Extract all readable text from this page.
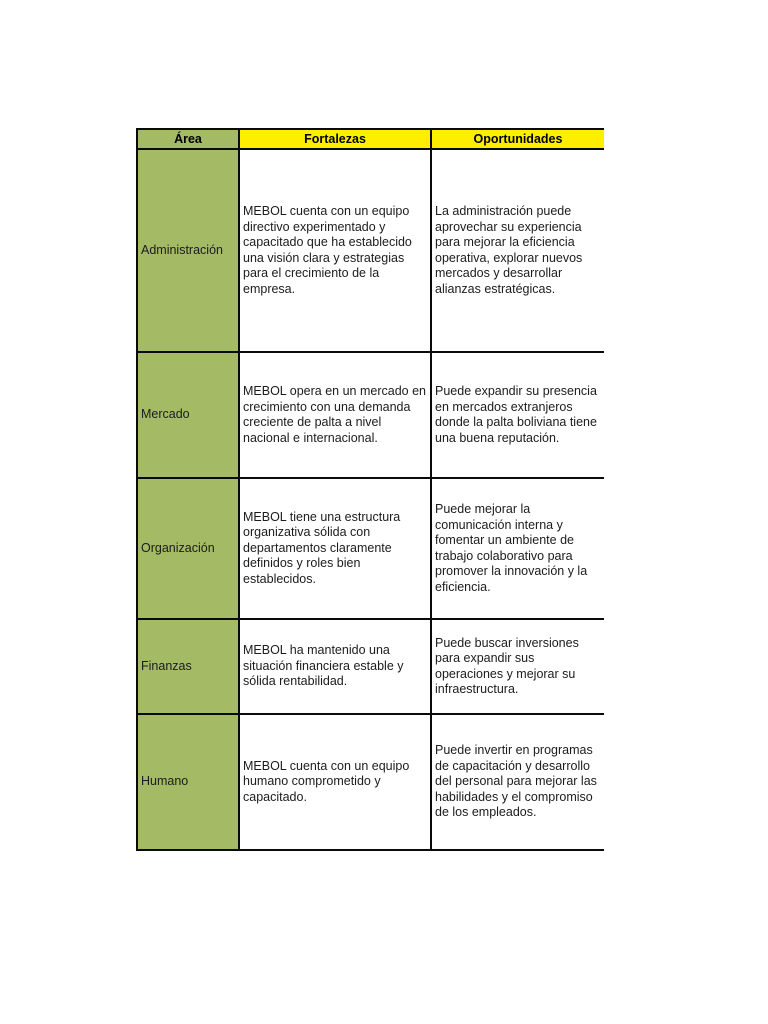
Área	Fortalezas	Oportunidades
Administración	MEBOL cuenta con un equipo directivo experimentado y capacitado que ha establecido una visión clara y estrategias para el crecimiento de la empresa.	La administración puede aprovechar su experiencia para mejorar la eficiencia operativa, explorar nuevos mercados y desarrollar alianzas estratégicas.
Mercado	MEBOL opera en un mercado en crecimiento con una demanda creciente de palta a nivel nacional e internacional.	Puede expandir su presencia en mercados extranjeros donde la palta boliviana tiene una buena reputación.
Organización	MEBOL tiene una estructura organizativa sólida con departamentos claramente definidos y roles bien establecidos.	Puede mejorar la comunicación interna y fomentar un ambiente de trabajo colaborativo para promover la innovación y la eficiencia.
Finanzas	MEBOL ha mantenido una situación financiera estable y sólida rentabilidad.	Puede buscar inversiones para expandir sus operaciones y mejorar su infraestructura.
Humano	MEBOL cuenta con un equipo humano comprometido y capacitado.	Puede invertir en programas de capacitación y desarrollo del personal para mejorar las habilidades y el compromiso de los empleados.
